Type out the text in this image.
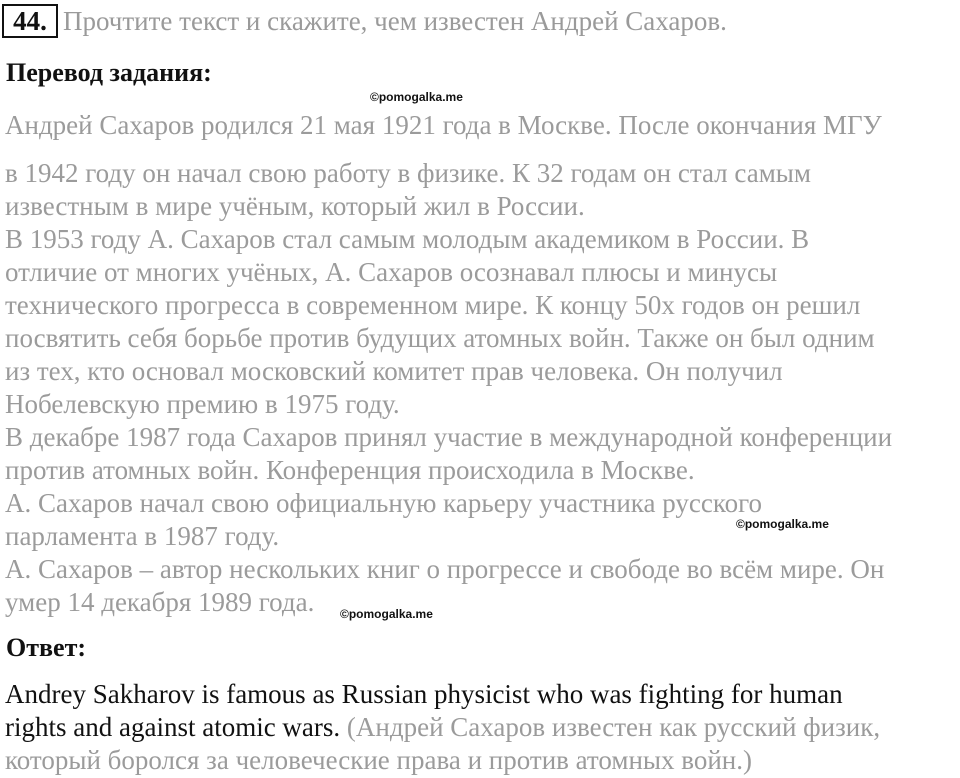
44. Прочтите текст и скажите, чем известен Андрей Сахаров.
Перевод задания:
©pomogalka.me
Андрей Сахаров родился 21 мая 1921 года в Москве. После окончания МГУ
в 1942 году он начал свою работу в физике. К 32 годам он стал самым
известным в мире учёным, который жил в России.
В 1953 году А. Сахаров стал самым молодым академиком в России. В
отличие от многих учёных, А. Сахаров осознавал плюсы и минусы
технического прогресса в современном мире. К концу 50х годов он решил
посвятить себя борьбе против будущих атомных войн. Также он был одним
из тех, кто основал московский комитет прав человека. Он получил
Нобелевскую премию в 1975 году.
В декабре 1987 года Сахаров принял участие в международной конференции
против атомных войн. Конференция происходила в Москве.
А. Сахаров начал свою официальную карьеру участника русского
©pomogalka.me
парламента в 1987 году.
А. Сахаров – автор нескольких книг о прогрессе и свободе во всём мире. Он
умер 14 декабря 1989 года. ©pomogalka.me
Ответ:
Andrey Sakharov is famous as Russian physicist who was fighting for human
rights and against atomic wars. (Андрей Сахаров известен как русский физик,
который боролся за человеческие права и против атомных войн.)
